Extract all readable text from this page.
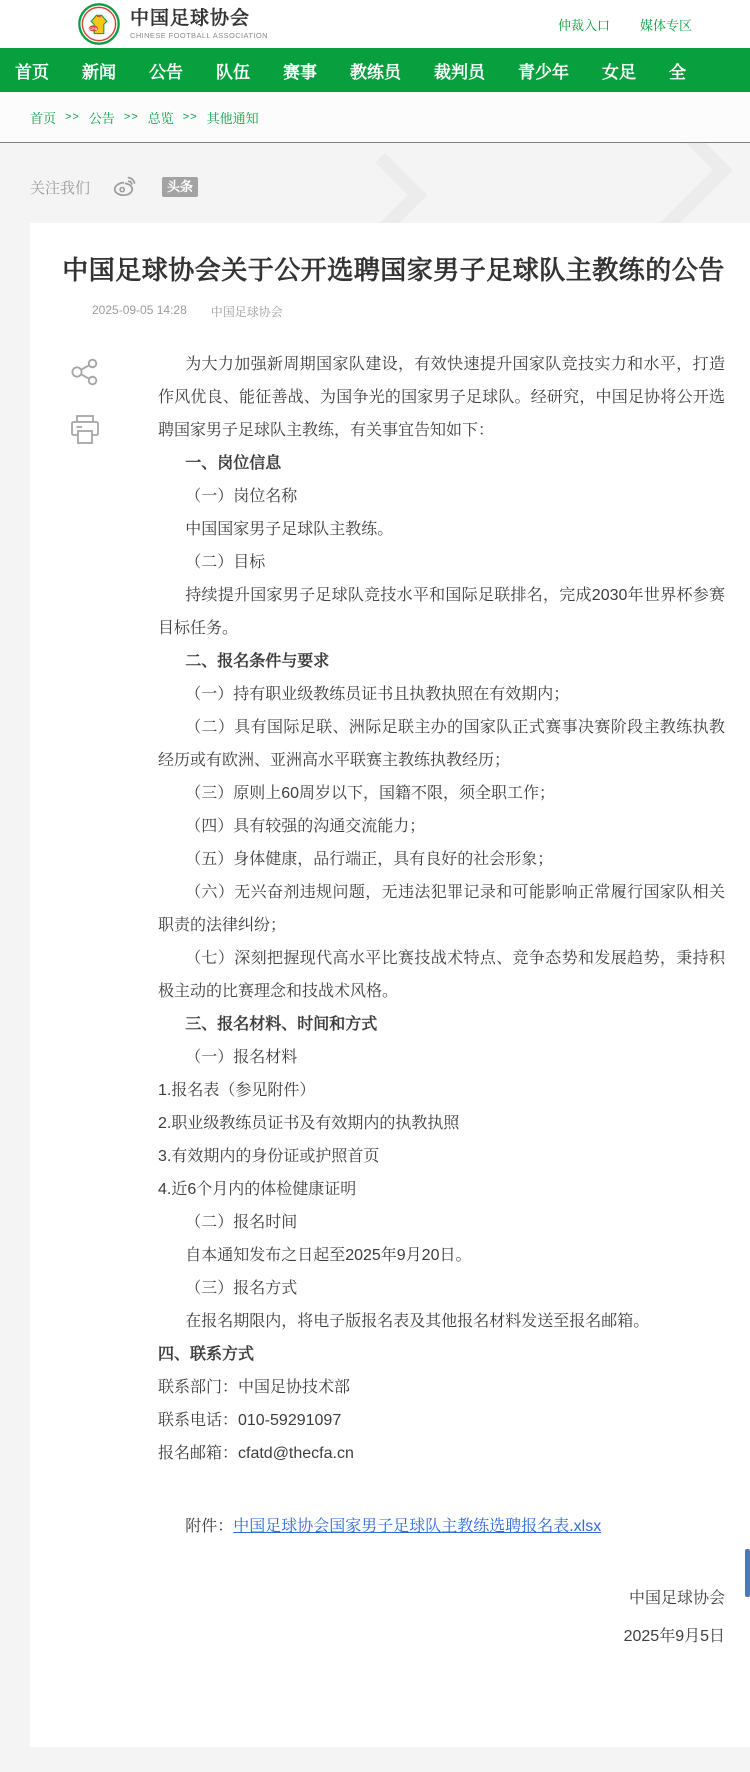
CFA 中国足球协会
CHINESE FOOTBALL ASSOCIATION
仲裁入口 媒体专区
首页 新闻 公告 队伍 赛事 教练员 裁判员 青少年 女足 全
首页 >> 公告 >> 总览 >> 其他通知
关注我们	头条
中国足球协会关于公开选聘国家男子足球队主教练的公告
2025-09-05 14:28 中国足球协会

为大力加强新周期国家队建设，有效快速提升国家队竞技实力和水平，打造作风优良、能征善战、为国争光的国家男子足球队。经研究，中国足协将公开选聘国家男子足球队主教练，有关事宜告知如下：

一、岗位信息

（一）岗位名称

中国国家男子足球队主教练。

（二）目标

持续提升国家男子足球队竞技水平和国际足联排名，完成2030年世界杯参赛目标任务。

二、报名条件与要求

（一）持有职业级教练员证书且执教执照在有效期内；

（二）具有国际足联、洲际足联主办的国家队正式赛事决赛阶段主教练执教经历或有欧洲、亚洲高水平联赛主教练执教经历；

（三）原则上60周岁以下，国籍不限，须全职工作；

（四）具有较强的沟通交流能力；

（五）身体健康，品行端正，具有良好的社会形象；

（六）无兴奋剂违规问题，无违法犯罪记录和可能影响正常履行国家队相关职责的法律纠纷；

（七）深刻把握现代高水平比赛技战术特点、竞争态势和发展趋势，秉持积极主动的比赛理念和技战术风格。

三、报名材料、时间和方式

（一）报名材料

1.报名表（参见附件）

2.职业级教练员证书及有效期内的执教执照

3.有效期内的身份证或护照首页

4.近6个月内的体检健康证明

（二）报名时间

自本通知发布之日起至2025年9月20日。

（三）报名方式

在报名期限内，将电子版报名表及其他报名材料发送至报名邮箱。

四、联系方式

联系部门：中国足协技术部

联系电话：010-59291097

报名邮箱：cfatd@thecfa.cn

附件：中国足球协会国家男子足球队主教练选聘报名表.xlsx

中国足球协会

2025年9月5日
